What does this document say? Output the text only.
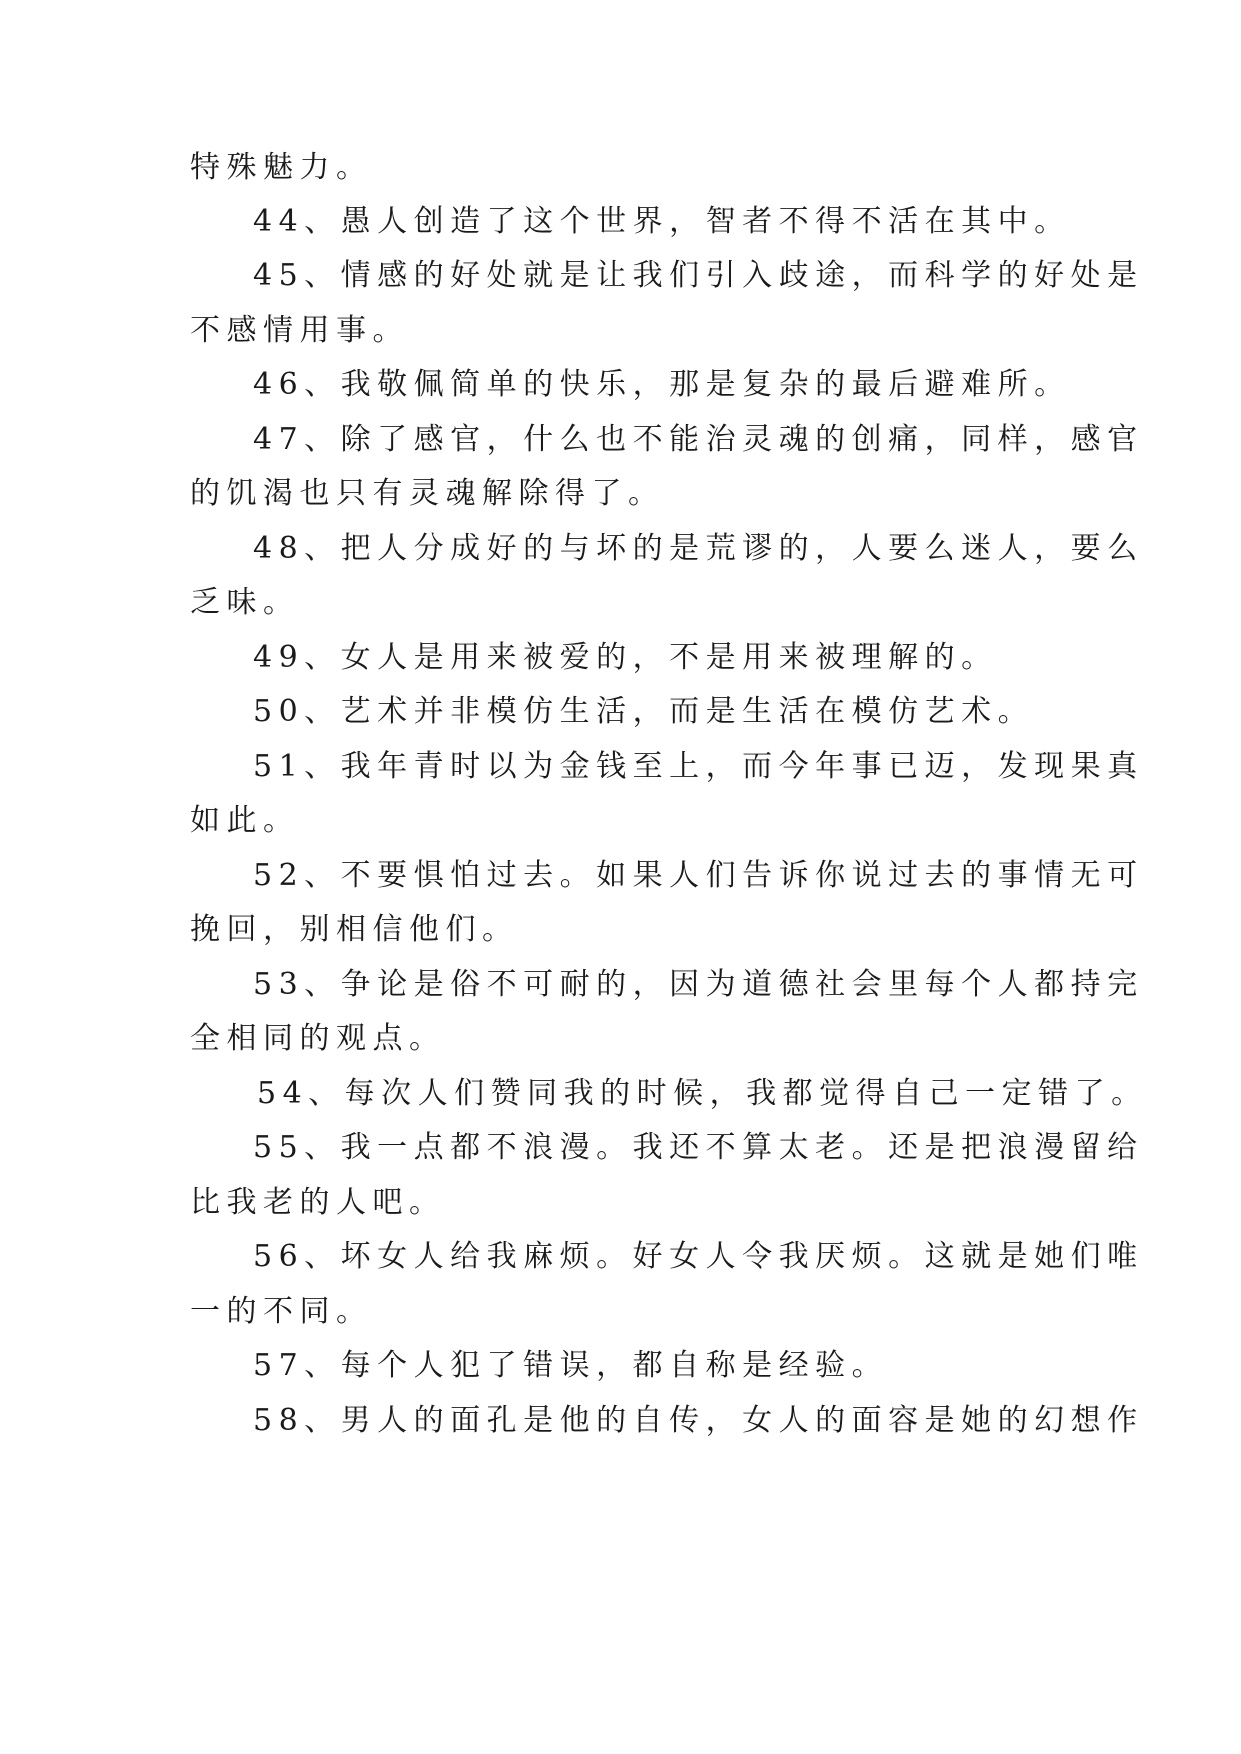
特殊魅力。
44、愚人创造了这个世界，智者不得不活在其中。
45、情感的好处就是让我们引入歧途，而科学的好处是
不感情用事。
46、我敬佩简单的快乐，那是复杂的最后避难所。
47、除了感官，什么也不能治灵魂的创痛，同样，感官
的饥渴也只有灵魂解除得了。
48、把人分成好的与坏的是荒谬的，人要么迷人，要么
乏味。
49、女人是用来被爱的，不是用来被理解的。
50、艺术并非模仿生活，而是生活在模仿艺术。
51、我年青时以为金钱至上，而今年事已迈，发现果真
如此。
52、不要惧怕过去。如果人们告诉你说过去的事情无可
挽回，别相信他们。
53、争论是俗不可耐的，因为道德社会里每个人都持完
全相同的观点。
54、每次人们赞同我的时候，我都觉得自己一定错了。
55、我一点都不浪漫。我还不算太老。还是把浪漫留给
比我老的人吧。
56、坏女人给我麻烦。好女人令我厌烦。这就是她们唯
一的不同。
57、每个人犯了错误，都自称是经验。
58、男人的面孔是他的自传，女人的面容是她的幻想作
